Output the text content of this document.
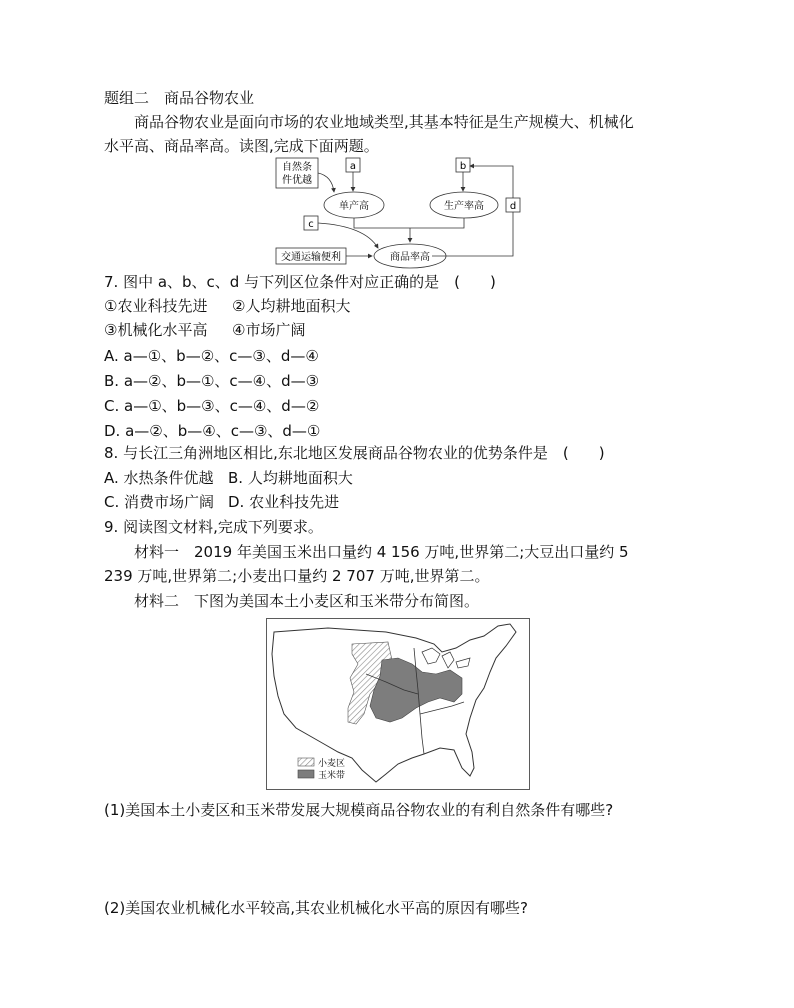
题组二　商品谷物农业
商品谷物农业是面向市场的农业地域类型,其基本特征是生产规模大、机械化
水平高、商品率高。读图,完成下面两题。
自然条
件优越
a	b
单产高	生产率高	d
c
交通运输便利	商品率高
7. 图中 a、b、c、d 与下列区位条件对应正确的是　(　　)
①农业科技先进 ②人均耕地面积大
③机械化水平高 ④市场广阔
A. a—①、b—②、c—③、d—④
B. a—②、b—①、c—④、d—③
C. a—①、b—③、c—④、d—②
D. a—②、b—④、c—③、d—①
8. 与长江三角洲地区相比,东北地区发展商品谷物农业的优势条件是　(　　)
A. 水热条件优越 B. 人均耕地面积大
C. 消费市场广阔 D. 农业科技先进
9. 阅读图文材料,完成下列要求。
材料一　2019 年美国玉米出口量约 4 156 万吨,世界第二;大豆出口量约 5
239 万吨,世界第二;小麦出口量约 2 707 万吨,世界第二。
材料二　下图为美国本土小麦区和玉米带分布简图。
小麦区
玉米带
(1)美国本土小麦区和玉米带发展大规模商品谷物农业的有利自然条件有哪些?
(2)美国农业机械化水平较高,其农业机械化水平高的原因有哪些?
